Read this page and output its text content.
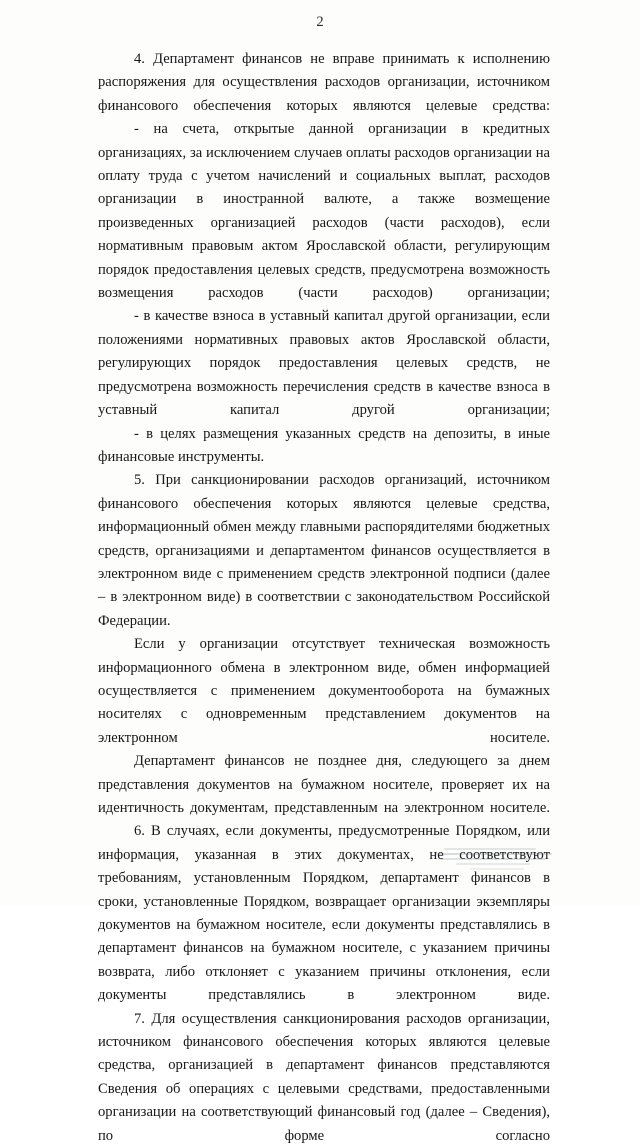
2

4. Департамент финансов не вправе принимать к исполнению распоряжения для осуществления расходов организации, источником финансового обеспечения которых являются целевые средства:

- на счета, открытые данной организации в кредитных организациях, за исключением случаев оплаты расходов организации на оплату труда с учетом начислений и социальных выплат, расходов организации в иностранной валюте, а также возмещение произведенных организацией расходов (части расходов), если нормативным правовым актом Ярославской области, регулирующим порядок предоставления целевых средств, предусмотрена возможность возмещения расходов (части расходов) организации;

- в качестве взноса в уставный капитал другой организации, если положениями нормативных правовых актов Ярославской области, регулирующих порядок предоставления целевых средств, не предусмотрена возможность перечисления средств в качестве взноса в уставный капитал другой организации;

- в целях размещения указанных средств на депозиты, в иные финансовые инструменты.

5. При санкционировании расходов организаций, источником финансового обеспечения которых являются целевые средства, информационный обмен между главными распорядителями бюджетных средств, организациями и департаментом финансов осуществляется в электронном виде с применением средств электронной подписи (далее – в электронном виде) в соответствии с законодательством Российской Федерации.

Если у организации отсутствует техническая возможность информационного обмена в электронном виде, обмен информацией осуществляется с применением документооборота на бумажных носителях с одновременным представлением документов на электронном носителе.

Департамент финансов не позднее дня, следующего за днем представления документов на бумажном носителе, проверяет их на идентичность документам, представленным на электронном носителе.

6. В случаях, если документы, предусмотренные Порядком, или информация, указанная в этих документах, не соответствуют требованиям, установленным Порядком, департамент финансов в сроки, установленные Порядком, возвращает организации экземпляры документов на бумажном носителе, если документы представлялись в департамент финансов на бумажном носителе, с указанием причины возврата, либо отклоняет с указанием причины отклонения, если документы представлялись в электронном виде.

7. Для осуществления санкционирования расходов организации, источником финансового обеспечения которых являются целевые средства, организацией в департамент финансов представляются Сведения об операциях с целевыми средствами, предоставленными организации на соответствующий финансовый год (далее – Сведения), по форме согласно
